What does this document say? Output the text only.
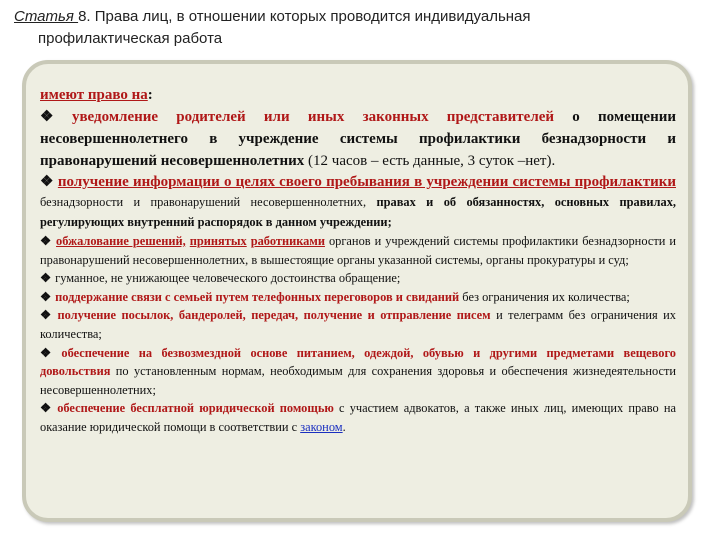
Статья 8. Права лиц, в отношении которых проводится индивидуальная
профилактическая работа

имеют право на:

❖ уведомление родителей или иных законных представителей о помещении несовершеннолетнего в учреждение системы профилактики безнадзорности и правонарушений несовершеннолетних (12 часов – есть данные, 3 суток –нет).

❖ получение информации о целях своего пребывания в учреждении системы профилактики безнадзорности и правонарушений несовершеннолетних, правах и об обязанностях, основных правилах, регулирующих внутренний распорядок в данном учреждении;

❖ обжалование решений, принятых работниками органов и учреждений системы профилактики безнадзорности и правонарушений несовершеннолетних, в вышестоящие органы указанной системы, органы прокуратуры и суд;

❖ гуманное, не унижающее человеческого достоинства обращение;

❖ поддержание связи с семьей путем телефонных переговоров и свиданий без ограничения их количества;

❖ получение посылок, бандеролей, передач, получение и отправление писем и телеграмм без ограничения их количества;

❖ обеспечение на безвозмездной основе питанием, одеждой, обувью и другими предметами вещевого довольствия по установленным нормам, необходимым для сохранения здоровья и обеспечения жизнедеятельности несовершеннолетних;

❖ обеспечение бесплатной юридической помощью с участием адвокатов, а также иных лиц, имеющих право на оказание юридической помощи в соответствии с законом.
